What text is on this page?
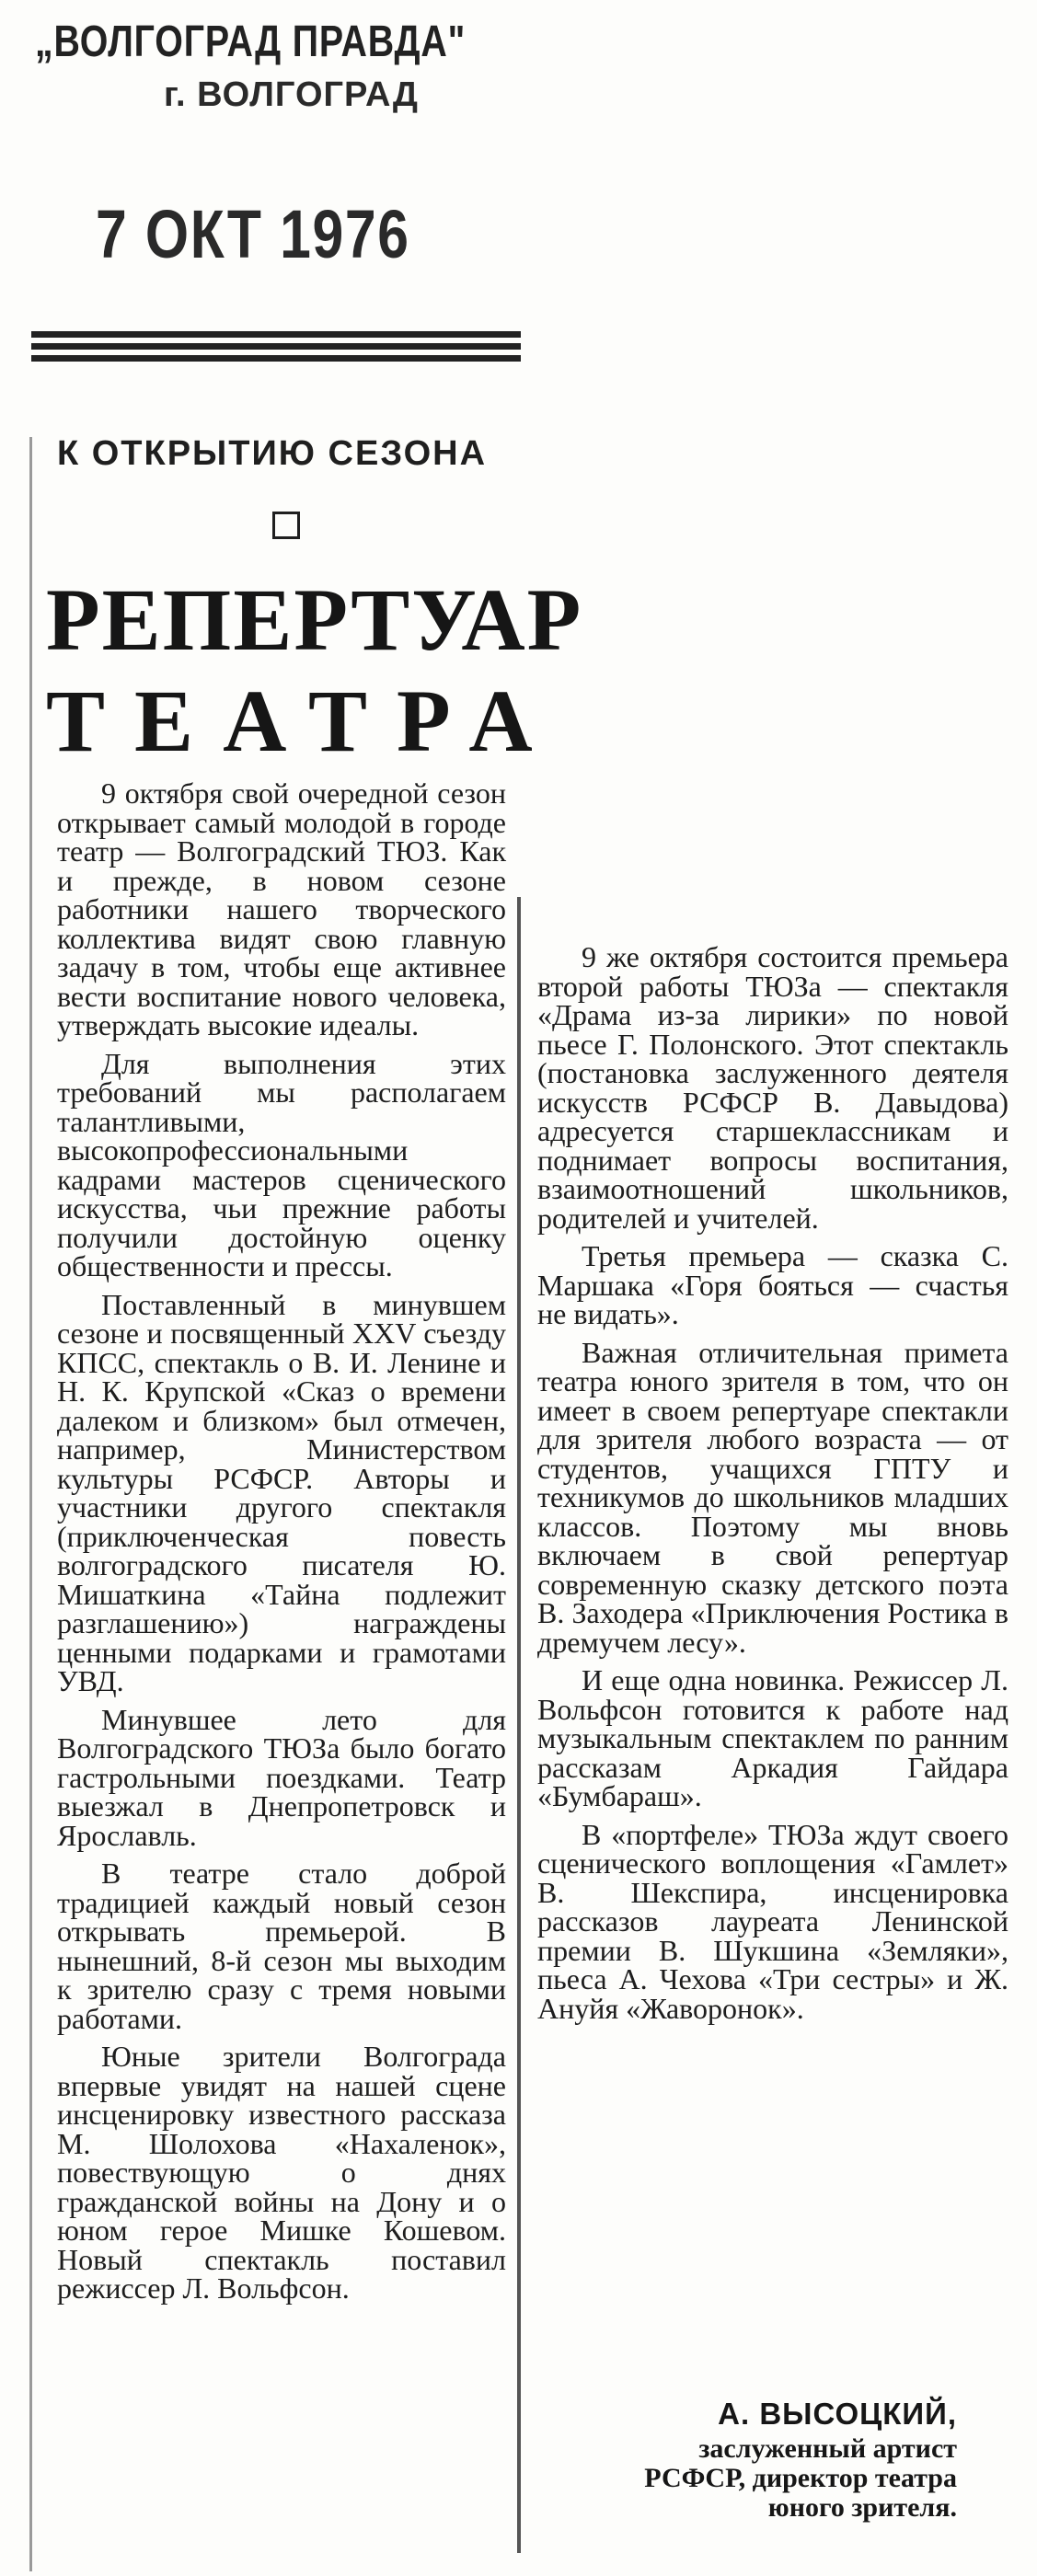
„ВОЛГОГРАД ПРАВДА"
г. ВОЛГОГРАД
7 ОКТ 1976
К ОТКРЫТИЮ СЕЗОНА
РЕПЕРТУАР
ТЕАТРА

9 октября свой очередной сезон открывает самый молодой в городе театр — Волгоградский ТЮЗ. Как и прежде, в новом сезоне работники нашего творческого коллектива видят свою главную задачу в том, чтобы еще активнее вести воспитание нового человека, утверждать высокие идеалы.

Для выполнения этих требований мы располагаем талантливыми, высокопрофессиональными кадрами мастеров сценического искусства, чьи прежние работы получили достойную оценку общественности и прессы.

Поставленный в минувшем сезоне и посвященный XXV съезду КПСС, спектакль о В. И. Ленине и Н. К. Крупской «Сказ о времени далеком и близком» был отмечен, например, Министерством культуры РСФСР. Авторы и участники другого спектакля (приключенческая повесть волгоградского писателя Ю. Мишаткина «Тайна подлежит разглашению») награждены ценными подарками и грамотами УВД.

Минувшее лето для Волгоградского ТЮЗа было богато гастрольными поездками. Театр выезжал в Днепропетровск и Ярославль.

В театре стало доброй традицией каждый новый сезон открывать премьерой. В нынешний, 8-й сезон мы выходим к зрителю сразу с тремя новыми работами.

Юные зрители Волгограда впервые увидят на нашей сцене инсценировку известного рассказа М. Шолохова «Нахаленок», повествующую о днях гражданской войны на Дону и о юном герое Мишке Кошевом. Новый спектакль поставил режиссер Л. Вольфсон.

9 же октября состоится премьера второй работы ТЮЗа — спектакля «Драма из-за лирики» по новой пьесе Г. Полонского. Этот спектакль (постановка заслуженного деятеля искусств РСФСР В. Давыдова) адресуется старшеклассникам и поднимает вопросы воспитания, взаимоотношений школьников, родителей и учителей.

Третья премьера — сказка С. Маршака «Горя бояться — счастья не видать».

Важная отличительная примета театра юного зрителя в том, что он имеет в своем репертуаре спектакли для зрителя любого возраста — от студентов, учащихся ГПТУ и техникумов до школьников младших классов. Поэтому мы вновь включаем в свой репертуар современную сказку детского поэта В. Заходера «Приключения Ростика в дремучем лесу».

И еще одна новинка. Режиссер Л. Вольфсон готовится к работе над музыкальным спектаклем по ранним рассказам Аркадия Гайдара «Бумбараш».

В «портфеле» ТЮЗа ждут своего сценического воплощения «Гамлет» В. Шекспира, инсценировка рассказов лауреата Ленинской премии В. Шукшина «Земляки», пьеса А. Чехова «Три сестры» и Ж. Ануйя «Жаворонок».

А. ВЫСОЦКИЙ,
заслуженный артист РСФСР, директор театра юного зрителя.
